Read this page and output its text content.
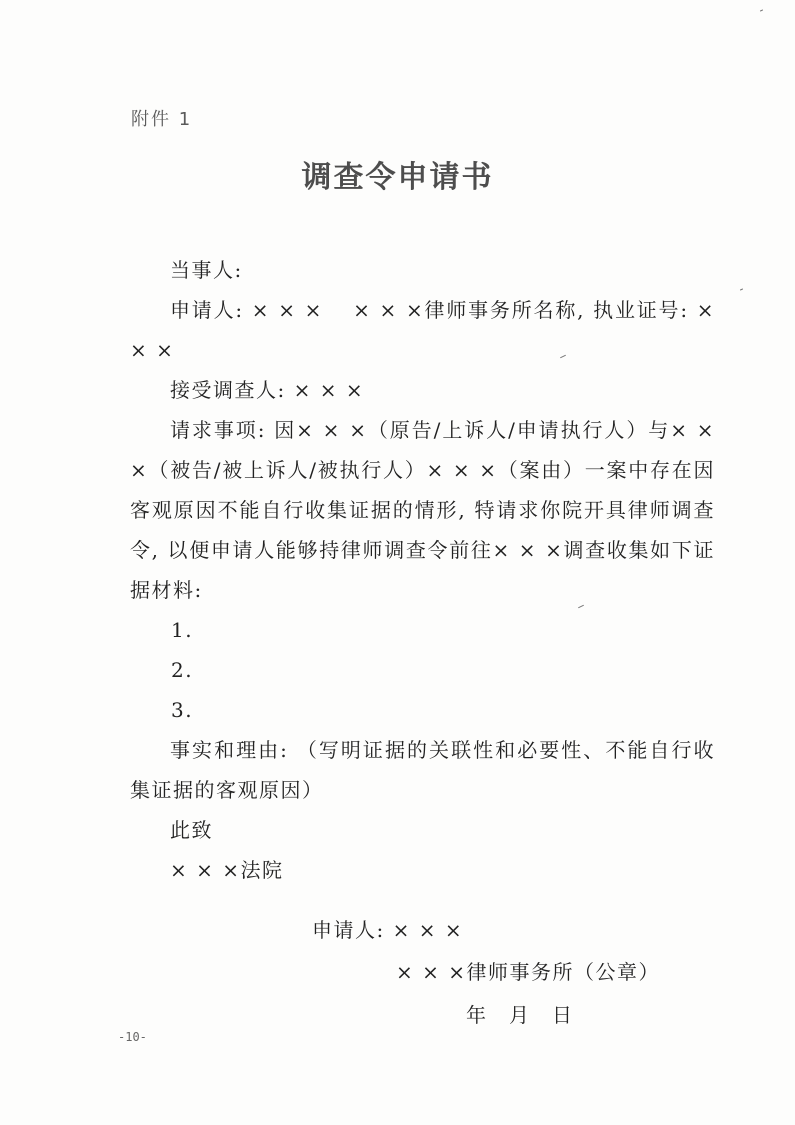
附件 1
调查令申请书

当事人:

申请人: × × ×　 × × ×律师事务所名称, 执业证号: × × ×

接受调查人: × × ×

请求事项: 因× × ×（原告/上诉人/申请执行人）与× × ×（被告/被上诉人/被执行人）× × ×（案由）一案中存在因客观原因不能自行收集证据的情形, 特请求你院开具律师调查令, 以便申请人能够持律师调查令前往× × ×调查收集如下证据材料:

1.

2.

3.

事实和理由: （写明证据的关联性和必要性、不能自行收集证据的客观原因）

此致

× × ×法院

申请人: × × ×
× × ×律师事务所（公章）
年　月　日
-10-
